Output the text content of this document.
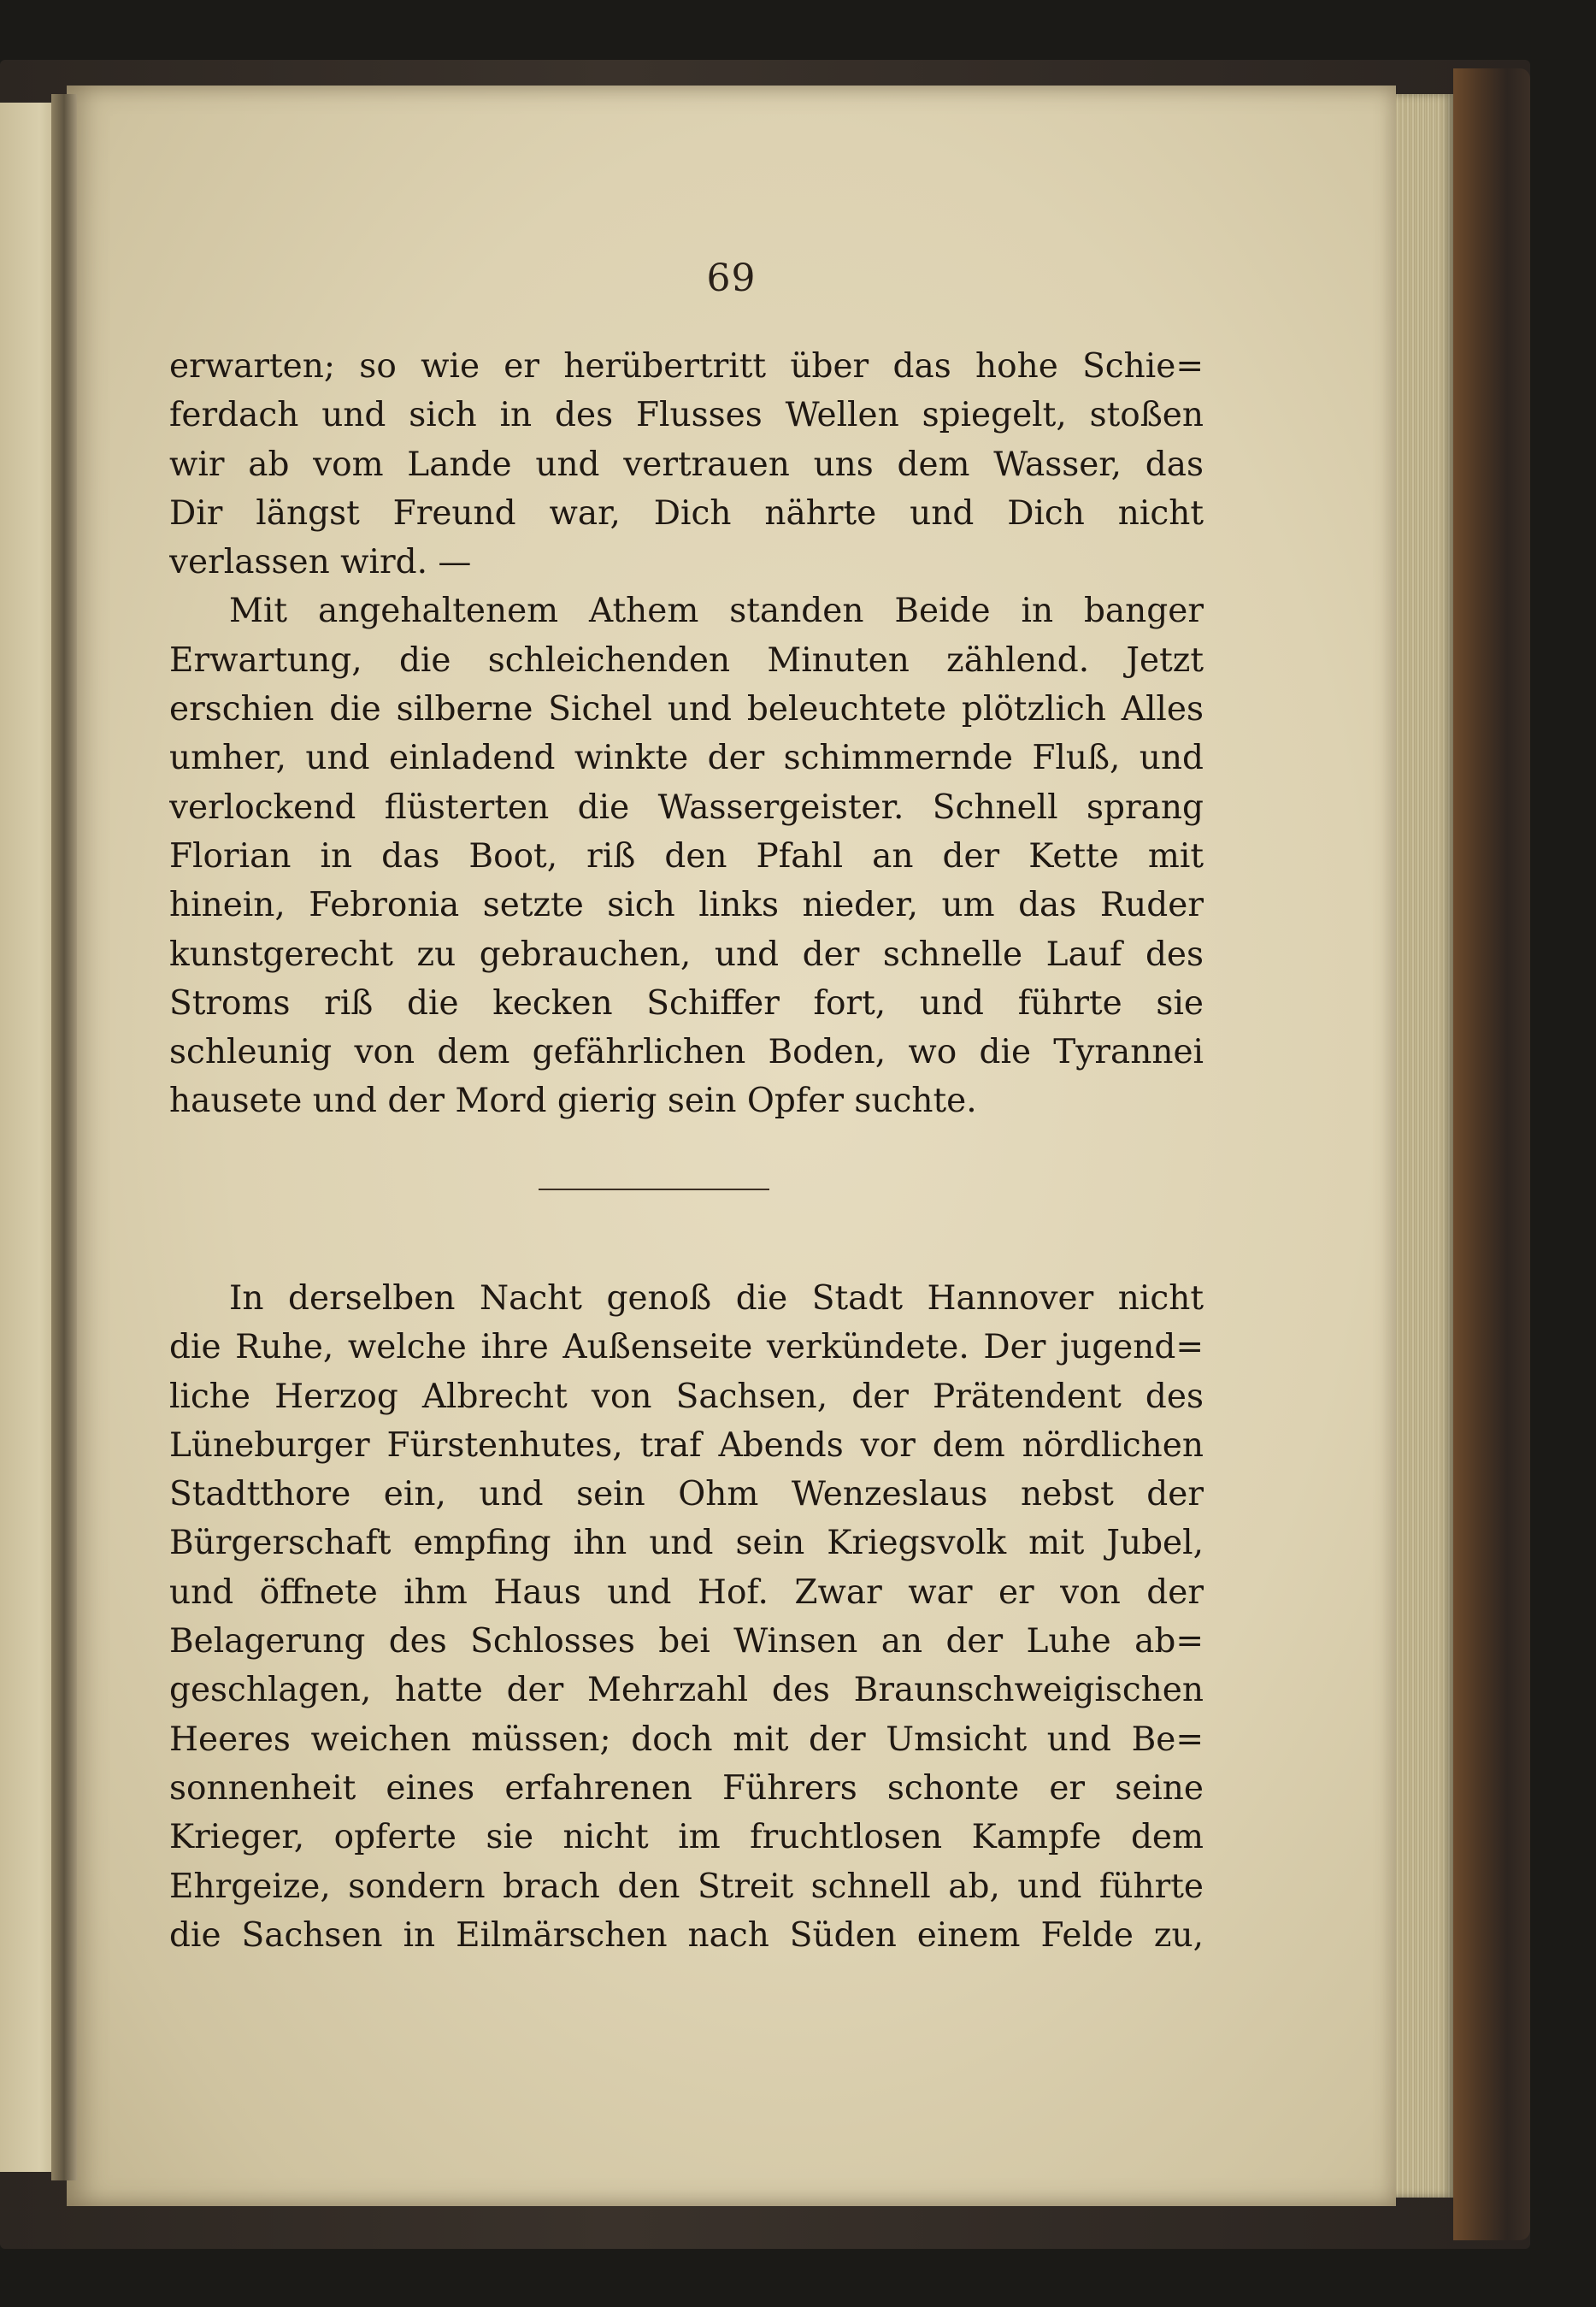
69
erwarten; so wie er herübertritt über das hohe Schie=
ferdach und sich in des Flusses Wellen spiegelt, stoßen
wir ab vom Lande und vertrauen uns dem Wasser, das
Dir längst Freund war, Dich nährte und Dich nicht
verlassen wird. —
Mit angehaltenem Athem standen Beide in banger
Erwartung, die schleichenden Minuten zählend. Jetzt
erschien die silberne Sichel und beleuchtete plötzlich Alles
umher, und einladend winkte der schimmernde Fluß, und
verlockend flüsterten die Wassergeister. Schnell sprang
Florian in das Boot, riß den Pfahl an der Kette mit
hinein, Febronia setzte sich links nieder, um das Ruder
kunstgerecht zu gebrauchen, und der schnelle Lauf des
Stroms riß die kecken Schiffer fort, und führte sie
schleunig von dem gefährlichen Boden, wo die Tyrannei
hausete und der Mord gierig sein Opfer suchte.
In derselben Nacht genoß die Stadt Hannover nicht
die Ruhe, welche ihre Außenseite verkündete. Der jugend=
liche Herzog Albrecht von Sachsen, der Prätendent des
Lüneburger Fürstenhutes, traf Abends vor dem nördlichen
Stadtthore ein, und sein Ohm Wenzeslaus nebst der
Bürgerschaft empfing ihn und sein Kriegsvolk mit Jubel,
und öffnete ihm Haus und Hof. Zwar war er von der
Belagerung des Schlosses bei Winsen an der Luhe ab=
geschlagen, hatte der Mehrzahl des Braunschweigischen
Heeres weichen müssen; doch mit der Umsicht und Be=
sonnenheit eines erfahrenen Führers schonte er seine
Krieger, opferte sie nicht im fruchtlosen Kampfe dem
Ehrgeize, sondern brach den Streit schnell ab, und führte
die Sachsen in Eilmärschen nach Süden einem Felde zu,
